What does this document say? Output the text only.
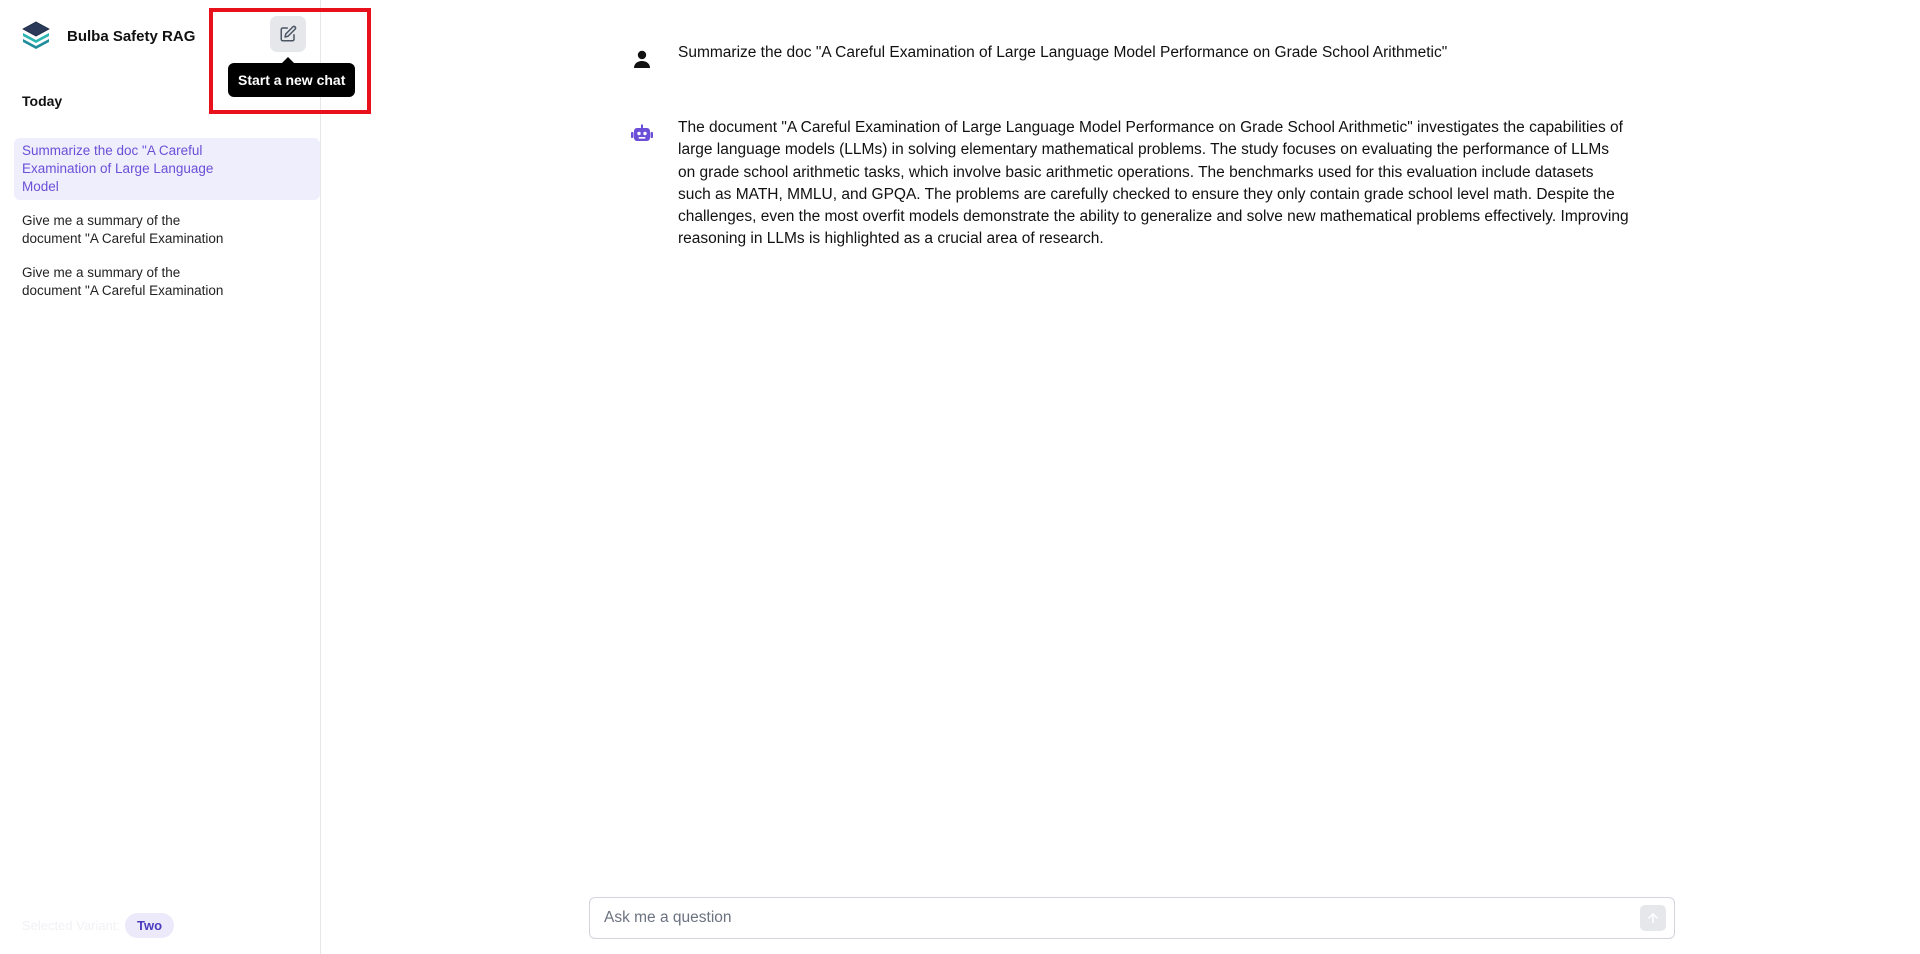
Bulba Safety RAG
Start a new chat
Today
Summarize the doc "A Careful Examination of Large Language Model
Give me a summary of the document "A Careful Examination
Give me a summary of the document "A Careful Examination
Selected Variant:	Two
Summarize the doc "A Careful Examination of Large Language Model Performance on Grade School Arithmetic"
The document "A Careful Examination of Large Language Model Performance on Grade School Arithmetic" investigates the capabilities of large language models (LLMs) in solving elementary mathematical problems. The study focuses on evaluating the performance of LLMs on grade school arithmetic tasks, which involve basic arithmetic operations. The benchmarks used for this evaluation include datasets such as MATH, MMLU, and GPQA. The problems are carefully checked to ensure they only contain grade school level math. Despite the challenges, even the most overfit models demonstrate the ability to generalize and solve new mathematical problems effectively. Improving reasoning in LLMs is highlighted as a crucial area of research.
Ask me a question
